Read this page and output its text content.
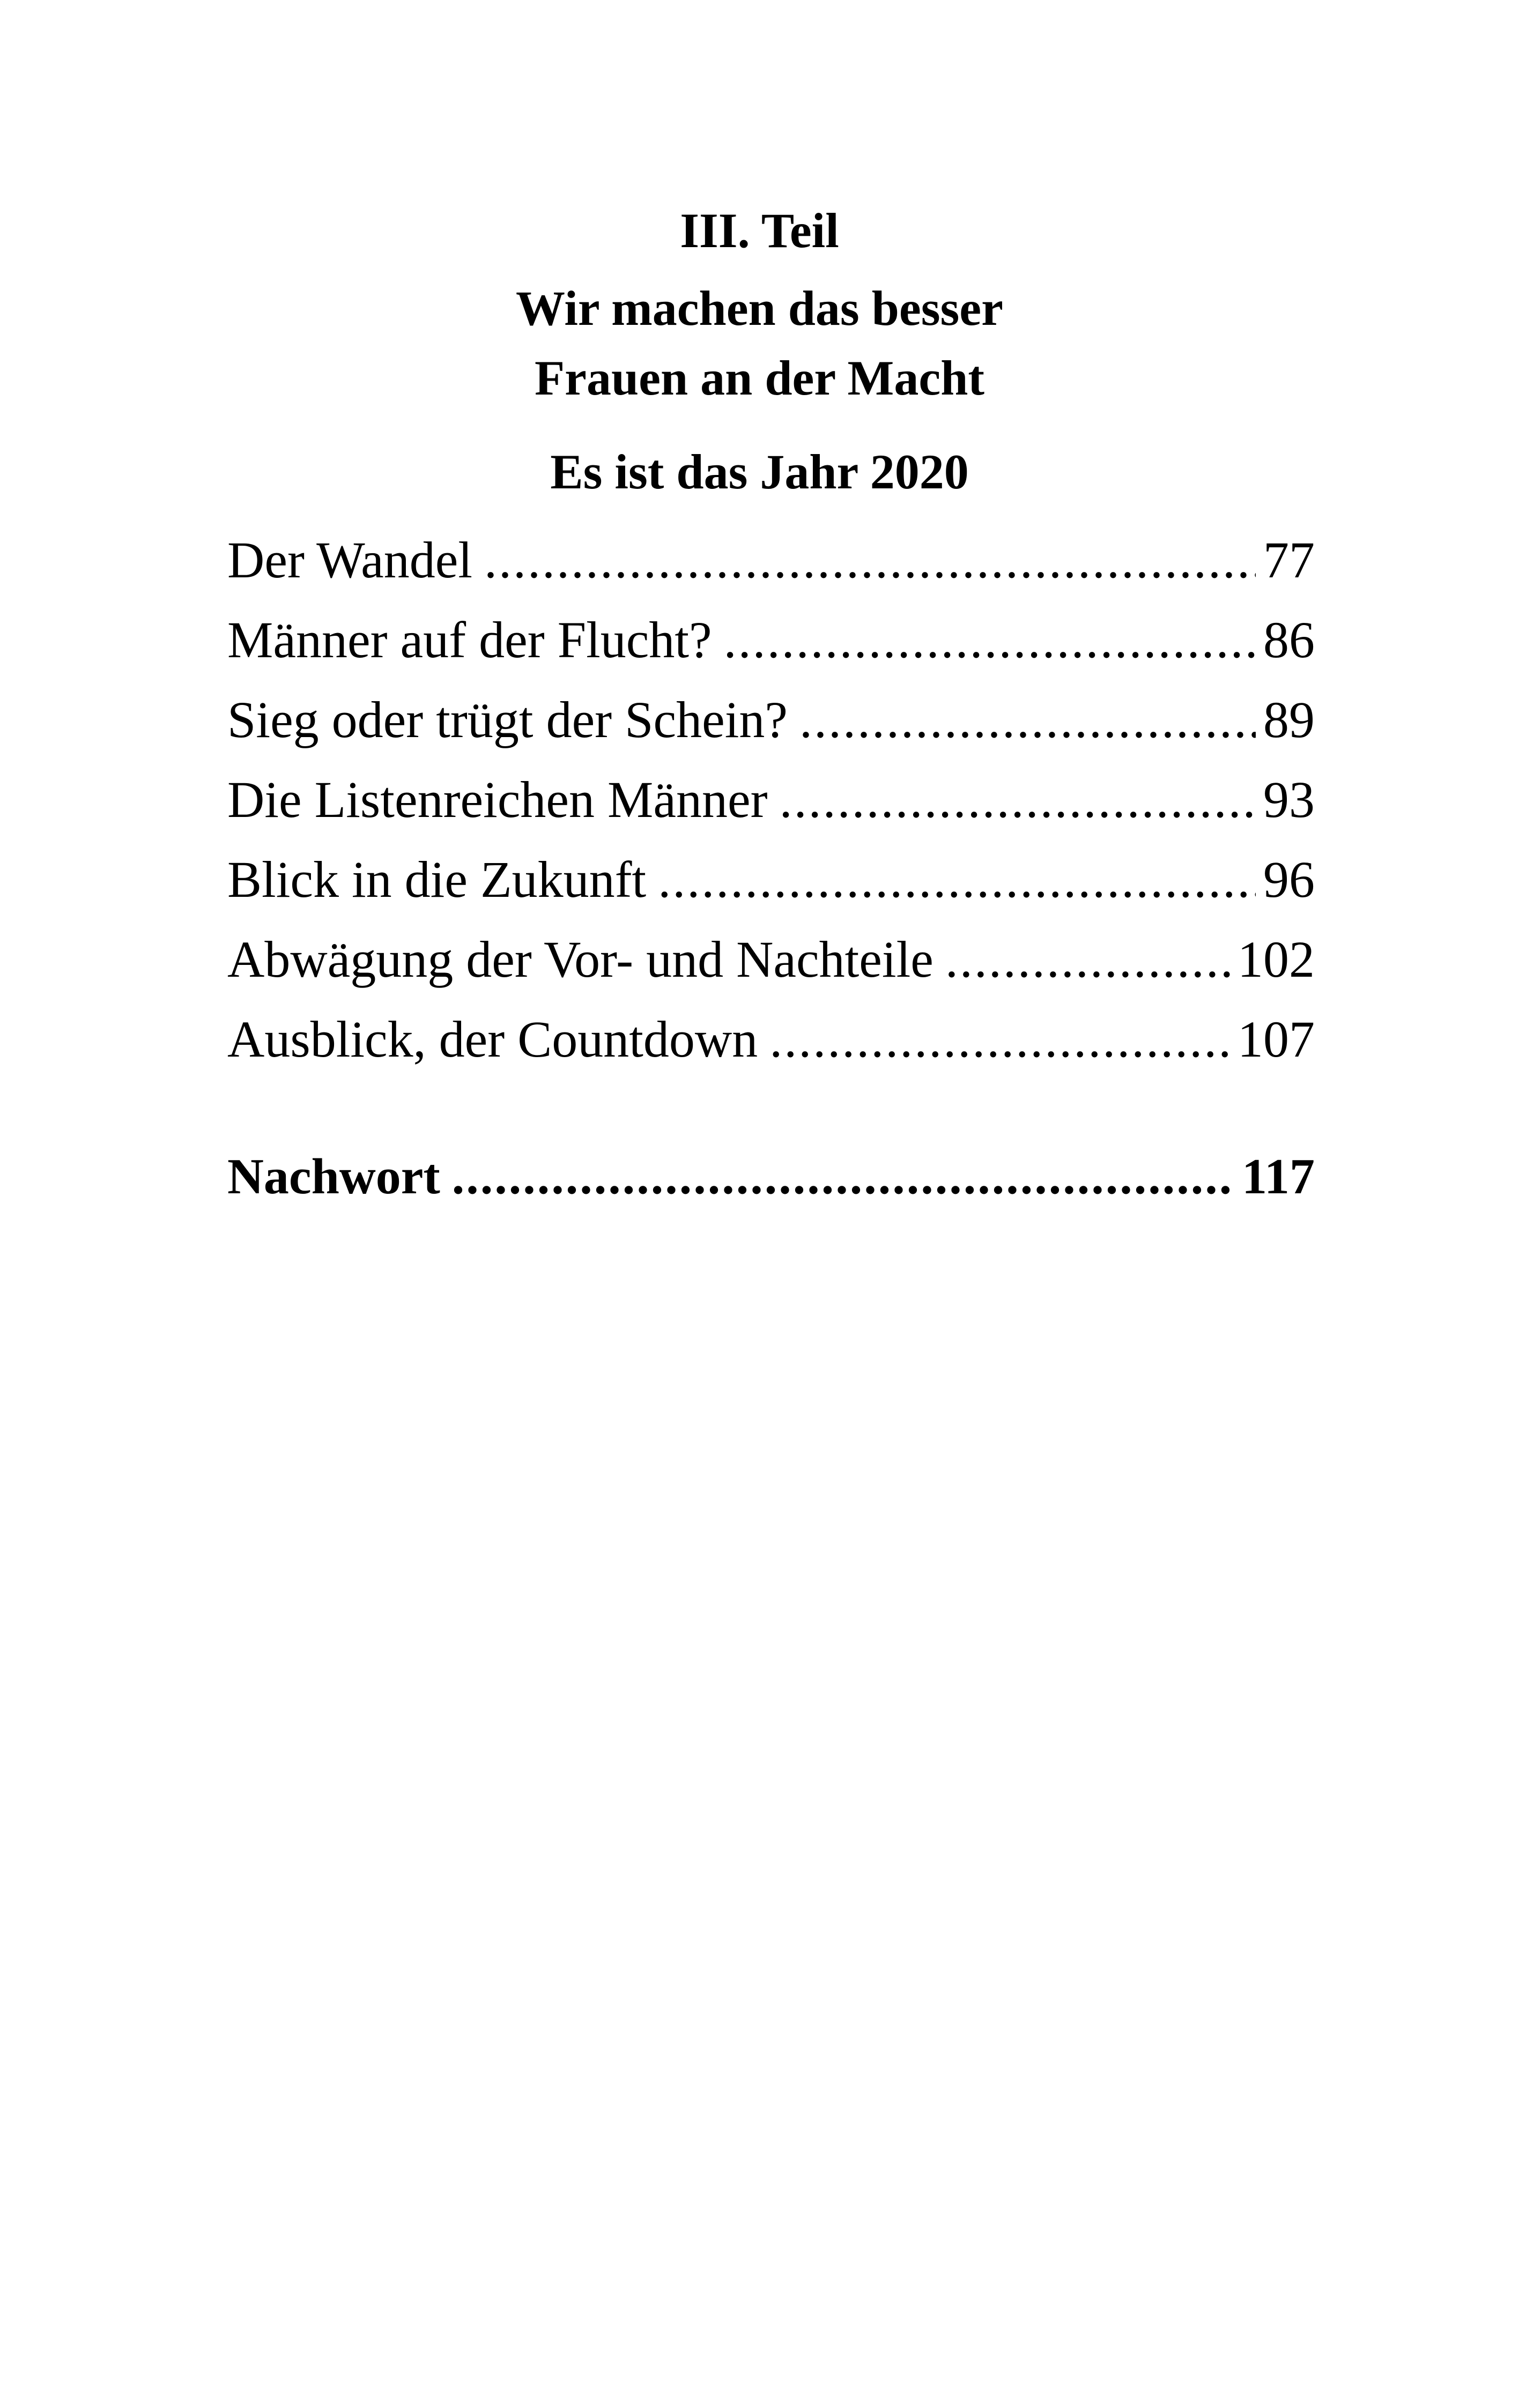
III. Teil
Wir machen das besser
Frauen an der Macht
Es ist das Jahr 2020
Der Wandel .....	77
Männer auf der Flucht? .....	86
Sieg oder trügt der Schein? .....	89
Die Listenreichen Männer .....	93
Blick in die Zukunft .....	96
Abwägung der Vor- und Nachteile .....	102
Ausblick, der Countdown .....	107
Nachwort .....	117
